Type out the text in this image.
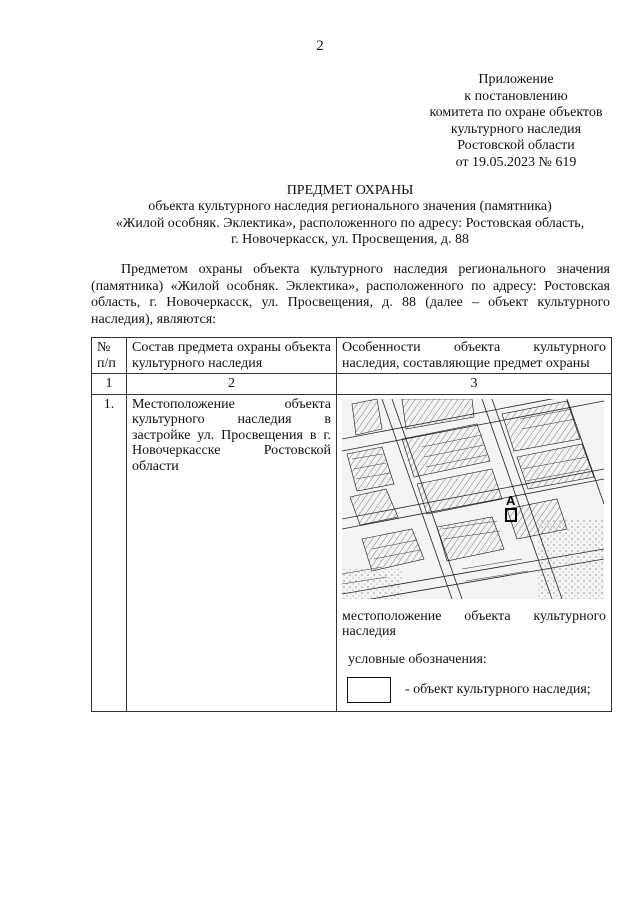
2
Приложение
к постановлению
комитета по охране объектов
культурного наследия
Ростовской области
от 19.05.2023 № 619
ПРЕДМЕТ ОХРАНЫ
объекта культурного наследия регионального значения (памятника)
«Жилой особняк. Эклектика», расположенного по адресу: Ростовская область,
г. Новочеркасск, ул. Просвещения, д. 88
Предметом охраны объекта культурного наследия регионального значения (памятника) «Жилой особняк. Эклектика», расположенного по адресу: Ростовская область, г. Новочеркасск, ул. Просвещения, д. 88 (далее – объект культурного наследия), являются:
№ п/п	Состав предмета охраны объекта культурного наследия	Особенности объекта культурного наследия, составляющие предмет охраны
1	2	3
1.	Местоположение объекта культурного наследия в застройке ул. Просвещения в г. Новочеркасске Ростовской области	А
местоположение объекта культурного наследия
условные обозначения:
- объект культурного наследия;
